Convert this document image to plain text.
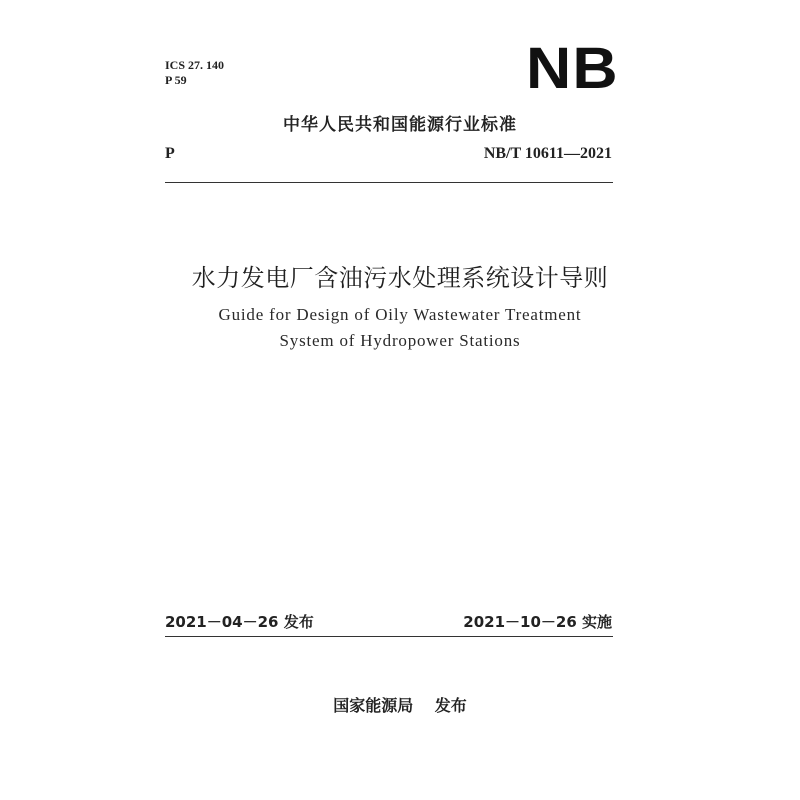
ICS 27. 140
P 59	NB
中华人民共和国能源行业标准
P	NB/T 10611—2021
水力发电厂含油污水处理系统设计导则
Guide for Design of Oily Wastewater Treatment
System of Hydropower Stations
2021－04－26 发布	2021－10－26 实施
国家能源局　 发布
